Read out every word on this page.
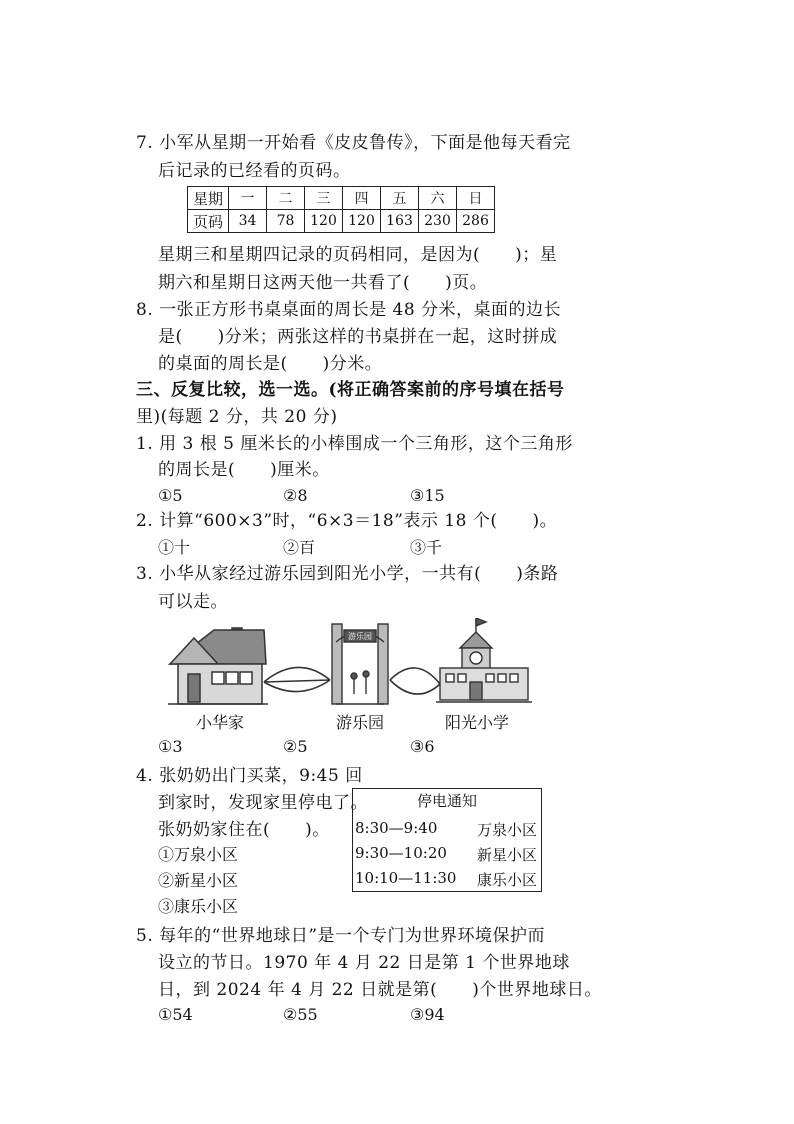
7. 小军从星期一开始看《皮皮鲁传》，下面是他每天看完
后记录的已经看的页码。
星期	一	二	三	四	五	六	日
页码	34	78	120	120	163	230	286
星期三和星期四记录的页码相同，是因为(　　)；星
期六和星期日这两天他一共看了(　　)页。
8. 一张正方形书桌桌面的周长是 48 分米，桌面的边长
是(　　)分米；两张这样的书桌拼在一起，这时拼成
的桌面的周长是(　　)分米。
三、反复比较，选一选。(将正确答案前的序号填在括号
里)(每题 2 分，共 20 分)
1. 用 3 根 5 厘米长的小棒围成一个三角形，这个三角形
的周长是(　　)厘米。
①5	②8	③15
2. 计算“600×3”时，“6×3＝18”表示 18 个(　　)。
①十	②百	③千
3. 小华从家经过游乐园到阳光小学，一共有(　　)条路
可以走。
游乐园
小华家	游乐园	阳光小学
①3	②5	③6
4. 张奶奶出门买菜，9:45 回
到家时，发现家里停电了。
张奶奶家住在(　　)。
①万泉小区
②新星小区
③康乐小区
停电通知
8:30—9:40	万泉小区
9:30—10:20 新星小区
10:10—11:30 康乐小区
5. 每年的“世界地球日”是一个专门为世界环境保护而
设立的节日。1970 年 4 月 22 日是第 1 个世界地球
日，到 2024 年 4 月 22 日就是第(　　)个世界地球日。
①54	②55	③94
